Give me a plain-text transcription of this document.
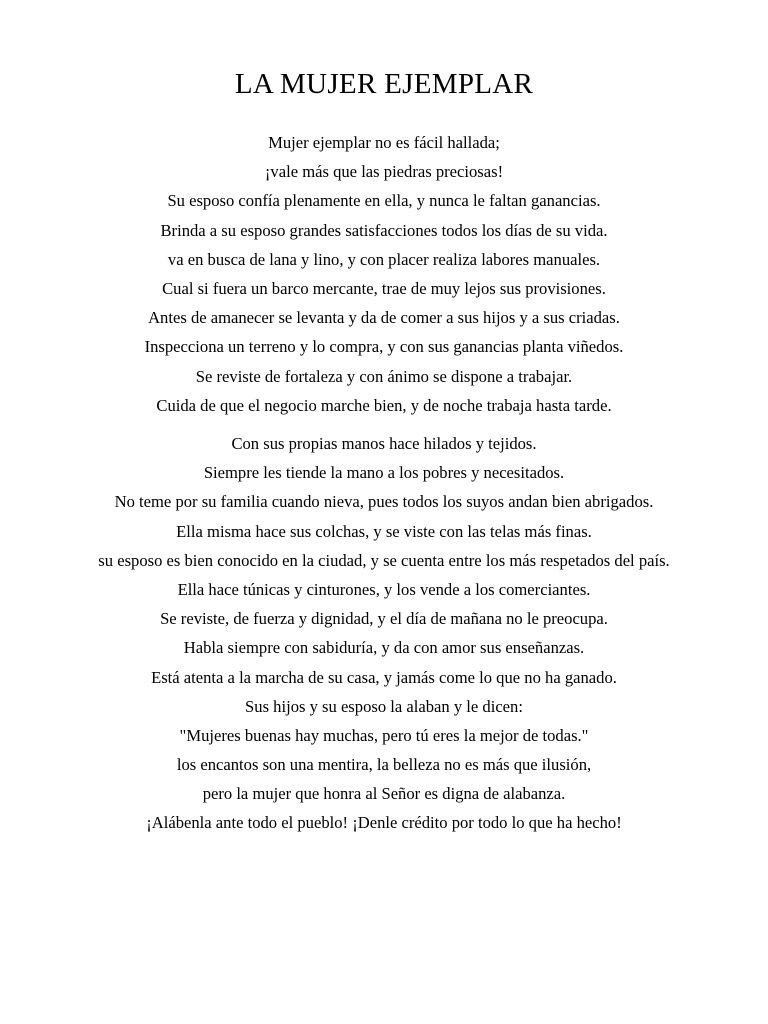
LA MUJER EJEMPLAR
Mujer ejemplar no es fácil hallada;
¡vale más que las piedras preciosas!
Su esposo confía plenamente en ella, y nunca le faltan ganancias.
Brinda a su esposo grandes satisfacciones todos los días de su vida.
va en busca de lana y lino, y con placer realiza labores manuales.
Cual si fuera un barco mercante, trae de muy lejos sus provisiones.
Antes de amanecer se levanta y da de comer a sus hijos y a sus criadas.
Inspecciona un terreno y lo compra, y con sus ganancias planta viñedos.
Se reviste de fortaleza y con ánimo se dispone a trabajar.
Cuida de que el negocio marche bien, y de noche trabaja hasta tarde.
Con sus propias manos hace hilados y tejidos.
Siempre les tiende la mano a los pobres y necesitados.
No teme por su familia cuando nieva, pues todos los suyos andan bien abrigados.
Ella misma hace sus colchas, y se viste con las telas más finas.
su esposo es bien conocido en la ciudad, y se cuenta entre los más respetados del país.
Ella hace túnicas y cinturones, y los vende a los comerciantes.
Se reviste, de fuerza y dignidad, y el día de mañana no le preocupa.
Habla siempre con sabiduría, y da con amor sus enseñanzas.
Está atenta a la marcha de su casa, y jamás come lo que no ha ganado.
Sus hijos y su esposo la alaban y le dicen:
"Mujeres buenas hay muchas, pero tú eres la mejor de todas."
los encantos son una mentira, la belleza no es más que ilusión,
pero la mujer que honra al Señor es digna de alabanza.
¡Alábenla ante todo el pueblo! ¡Denle crédito por todo lo que ha hecho!
